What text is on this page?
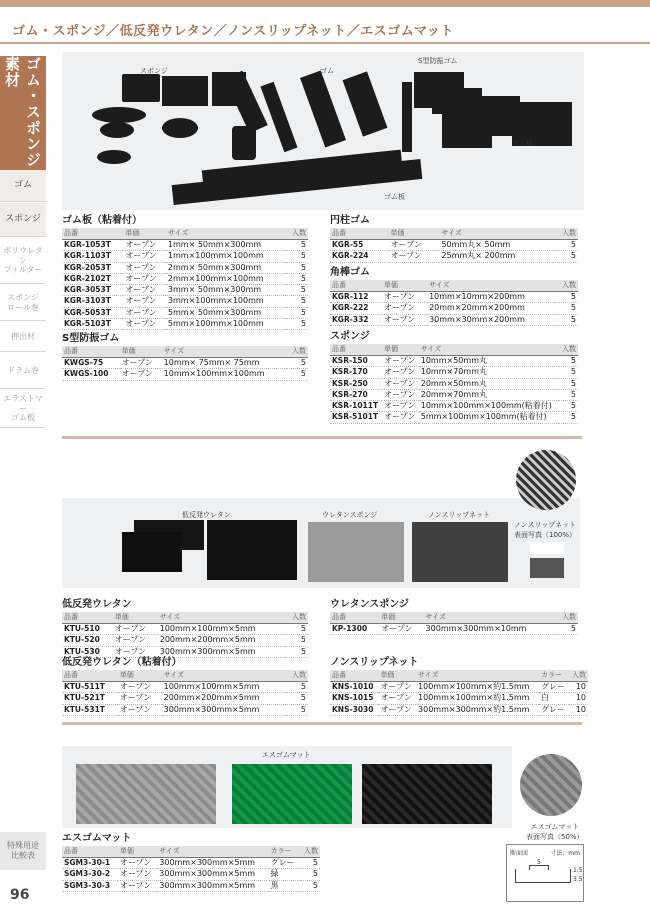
ゴム・スポンジ／低反発ウレタン／ノンスリップネット／エスゴムマット
ゴム・スポンジ素材
ゴム
スポンジ
ポリウレタン
フィルター
スポンジ
ロール巻
押出材
ドラム巻
エラストマー
ゴム板
特殊用途
比較表
96
スポンジ	ゴム
S型防振ゴム
ゴム板
ゴム板
ゴム板（粘着付）
品番	単価	サイズ	入数
KGR-1053T	オープン	1mm× 50mm×300mm	5
KGR-1103T	オープン	1mm×100mm×100mm	5
KGR-2053T	オープン	2mm× 50mm×300mm	5
KGR-2102T	オープン	2mm×100mm×100mm	5
KGR-3053T	オープン	3mm× 50mm×300mm	5
KGR-3103T	オープン	3mm×100mm×100mm	5
KGR-5053T	オープン	5mm× 50mm×300mm	5
KGR-5103T	オープン	5mm×100mm×100mm	5
S型防振ゴム
品番	単価	サイズ	入数
KWGS-75	オープン	10mm× 75mm× 75mm	5
KWGS-100	オープン	10mm×100mm×100mm	5
円柱ゴム
品番	単価	サイズ	入数
KGR-55	オープン	50mm丸× 50mm	5
KGR-224	オープン	25mm丸× 200mm	5
角棒ゴム
品番	単価	サイズ	入数
KGR-112	オープン	10mm×10mm×200mm	5
KGR-222	オープン	20mm×20mm×200mm	5
KGR-332	オープン	30mm×30mm×200mm	5
スポンジ
品番	単価	サイズ	入数
KSR-150	オープン	10mm×50mm丸	5
KSR-170	オープン	10mm×70mm丸	5
KSR-250	オープン	20mm×50mm丸	5
KSR-270	オープン	20mm×70mm丸	5
KSR-1011T	オープン	10mm×100mm×100mm(粘着付)	5
KSR-5101T	オープン	5mm×100mm×100mm(粘着付)	5
低反発ウレタン	ウレタンスポンジ	ノンスリップネット
ノンスリップネット
表面写真（100%）
低反発ウレタン
品番	単価	サイズ	入数
KTU-510	オープン	100mm×100mm×5mm	5
KTU-520	オープン	200mm×200mm×5mm	5
KTU-530	オープン	300mm×300mm×5mm	5
低反発ウレタン（粘着付）
品番	単価	サイズ	入数
KTU-511T	オープン	100mm×100mm×5mm	5
KTU-521T	オープン	200mm×200mm×5mm	5
KTU-531T	オープン	300mm×300mm×5mm	5
ウレタンスポンジ
品番	単価	サイズ	入数
KP-1300	オープン	300mm×300mm×10mm	5
ノンスリップネット
品番	単価	サイズ	カラー	入数
KNS-1010	オープン	100mm×100mm×約1.5mm	グレー	10
KNS-1015	オープン	100mm×100mm×約1.5mm	白	10
KNS-3030	オープン	300mm×300mm×約1.5mm	グレー	10
エスゴムマット
エスゴムマット
表面写真（50%）
エスゴムマット
品番	単価	サイズ	カラー	入数
SGM3-30-1	オープン	300mm×300mm×5mm	グレー	5
SGM3-30-2	オープン	300mm×300mm×5mm	緑	5
SGM3-30-3	オープン	300mm×300mm×5mm	黒	5
断面図	寸法：mm
5
1.5
3.5
